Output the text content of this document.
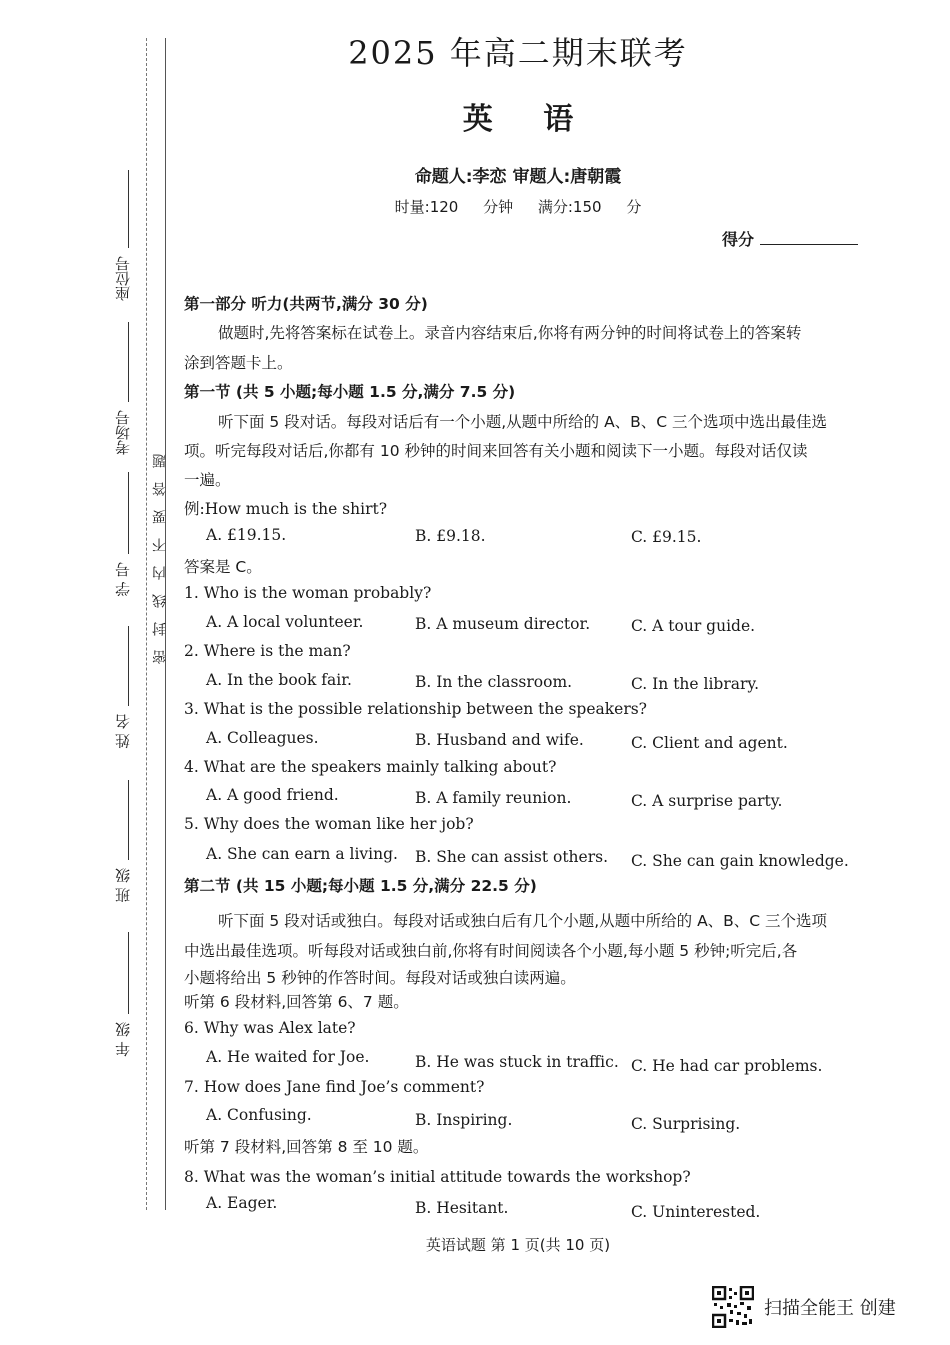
座位号
考场号
学 号
姓 名
班 级
年 级
密封线内不要答题
2025 年高二期末联考
英 语
命题人:李恋 审题人:唐朝霞
时量:120 分钟 满分:150 分
得分
第一部分 听力(共两节,满分 30 分)
做题时,先将答案标在试卷上。录音内容结束后,你将有两分钟的时间将试卷上的答案转
涂到答题卡上。
第一节 (共 5 小题;每小题 1.5 分,满分 7.5 分)
听下面 5 段对话。每段对话后有一个小题,从题中所给的 A、B、C 三个选项中选出最佳选
项。听完每段对话后,你都有 10 秒钟的时间来回答有关小题和阅读下一小题。每段对话仅读
一遍。
例:How much is the shirt?
A. £19.15.	B. £9.18.	C. £9.15.
答案是 C。
1. Who is the woman probably?
A. A local volunteer.	B. A museum director.	C. A tour guide.
2. Where is the man?
A. In the book fair.	B. In the classroom.	C. In the library.
3. What is the possible relationship between the speakers?
A. Colleagues.	B. Husband and wife.	C. Client and agent.
4. What are the speakers mainly talking about?
A. A good friend.	B. A family reunion.	C. A surprise party.
5. Why does the woman like her job?
A. She can earn a living. B. She can assist others. C. She can gain knowledge.
第二节 (共 15 小题;每小题 1.5 分,满分 22.5 分)
听下面 5 段对话或独白。每段对话或独白后有几个小题,从题中所给的 A、B、C 三个选项
中选出最佳选项。听每段对话或独白前,你将有时间阅读各个小题,每小题 5 秒钟;听完后,各
小题将给出 5 秒钟的作答时间。每段对话或独白读两遍。
听第 6 段材料,回答第 6、7 题。
6. Why was Alex late?
A. He waited for Joe.	B. He was stuck in traffic. C. He had car problems.
7. How does Jane find Joe’s comment?
A. Confusing.	B. Inspiring.	C. Surprising.
听第 7 段材料,回答第 8 至 10 题。
8. What was the woman’s initial attitude towards the workshop?
A. Eager.	B. Hesitant.	C. Uninterested.
英语试题 第 1 页(共 10 页)
扫描全能王 创建
